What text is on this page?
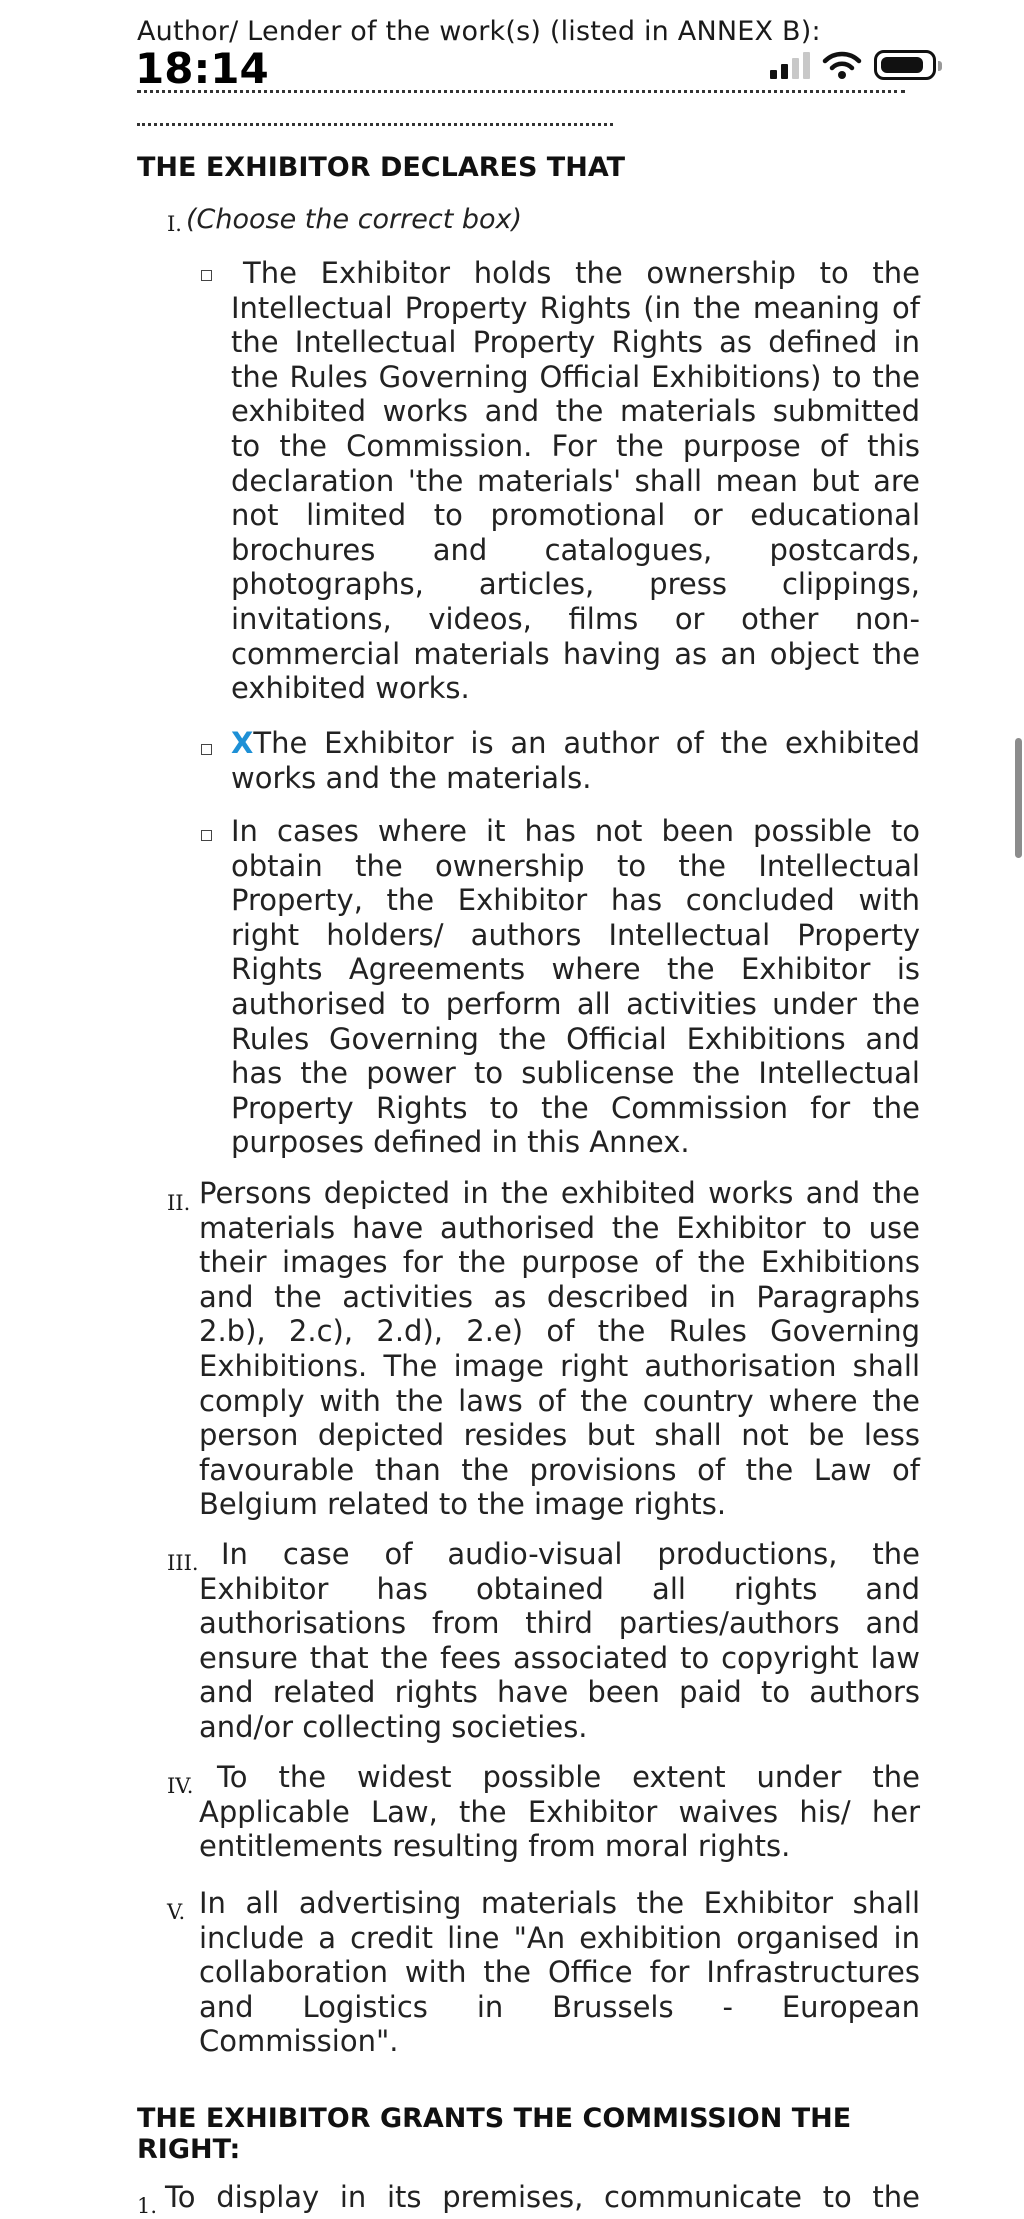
Author/ Lender of the work(s) (listed in ANNEX B):
18:14
THE EXHIBITOR DECLARES THAT
I. (Choose the correct box)
The Exhibitor holds the ownership to the Intellectual Property Rights (in the meaning of the Intellectual Property Rights as defined in the Rules Governing Official Exhibitions) to the exhibited works and the materials submitted to the Commission. For the purpose of this declaration 'the materials' shall mean but are not limited to promotional or educational brochures and catalogues, postcards, photographs, articles, press clippings, invitations, videos, films or other non-commercial materials having as an object the exhibited works.
XThe Exhibitor is an author of the exhibited works and the materials.
In cases where it has not been possible to obtain the ownership to the Intellectual Property, the Exhibitor has concluded with right holders/ authors Intellectual Property Rights Agreements where the Exhibitor is authorised to perform all activities under the Rules Governing the Official Exhibitions and has the power to sublicense the Intellectual Property Rights to the Commission for the purposes defined in this Annex.
II. Persons depicted in the exhibited works and the materials have authorised the Exhibitor to use their images for the purpose of the Exhibitions and the activities as described in Paragraphs 2.b), 2.c), 2.d), 2.e) of the Rules Governing Exhibitions. The image right authorisation shall comply with the laws of the country where the person depicted resides but shall not be less favourable than the provisions of the Law of Belgium related to the image rights.
III. In case of audio-visual productions, the Exhibitor has obtained all rights and authorisations from third parties/authors and ensure that the fees associated to copyright law and related rights have been paid to authors and/or collecting societies.
IV. To the widest possible extent under the Applicable Law, the Exhibitor waives his/ her entitlements resulting from moral rights.
V. In all advertising materials the Exhibitor shall include a credit line "An exhibition organised in collaboration with the Office for Infrastructures and Logistics in Brussels - European Commission".
THE EXHIBITOR GRANTS THE COMMISSION THE RIGHT:
1. To display in its premises, communicate to the
